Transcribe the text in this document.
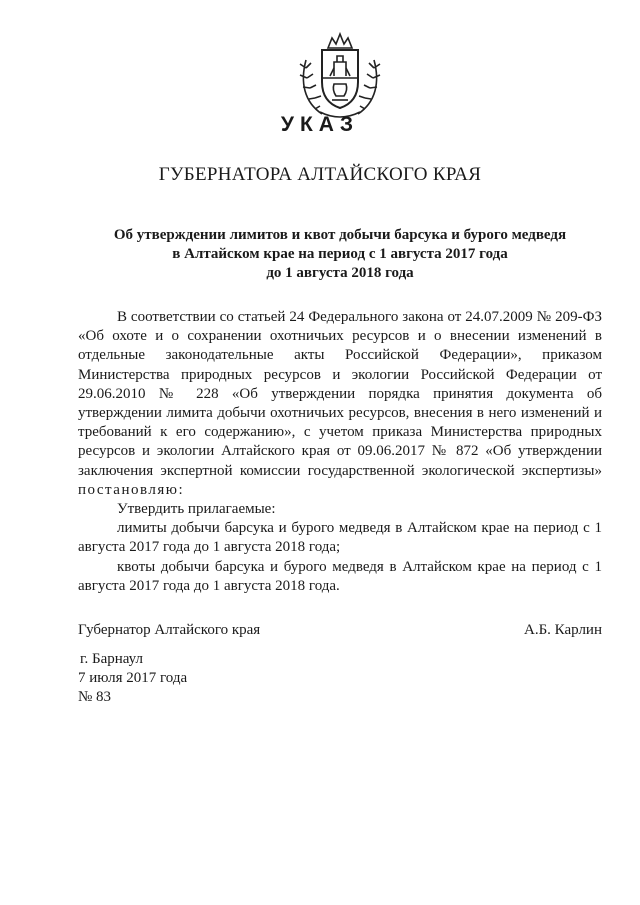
УКАЗ
ГУБЕРНАТОРА АЛТАЙСКОГО КРАЯ
Об утверждении лимитов и квот добычи барсука и бурого медведя
в Алтайском крае на период с 1 августа 2017 года
до 1 августа 2018 года

В соответствии со статьей 24 Федерального закона от 24.07.2009 № 209-ФЗ «Об охоте и о сохранении охотничьих ресурсов и о внесении изменений в отдельные законодательные акты Российской Федерации», приказом Министерства природных ресурсов и экологии Российской Федерации от 29.06.2010 № 228 «Об утверждении порядка принятия документа об утверждении лимита добычи охотничьих ресурсов, внесения в него изменений и требований к его содержанию», с учетом приказа Министерства природных ресурсов и экологии Алтайского края от 09.06.2017 № 872 «Об утверждении заключения экспертной комиссии государственной экологической экспертизы» постановляю:

Утвердить прилагаемые:

лимиты добычи барсука и бурого медведя в Алтайском крае на период с 1 августа 2017 года до 1 августа 2018 года;

квоты добычи барсука и бурого медведя в Алтайском крае на период с 1 августа 2017 года до 1 августа 2018 года.

Губернатор Алтайского края	А.Б. Карлин
г. Барнаул
7 июля 2017 года
№ 83
